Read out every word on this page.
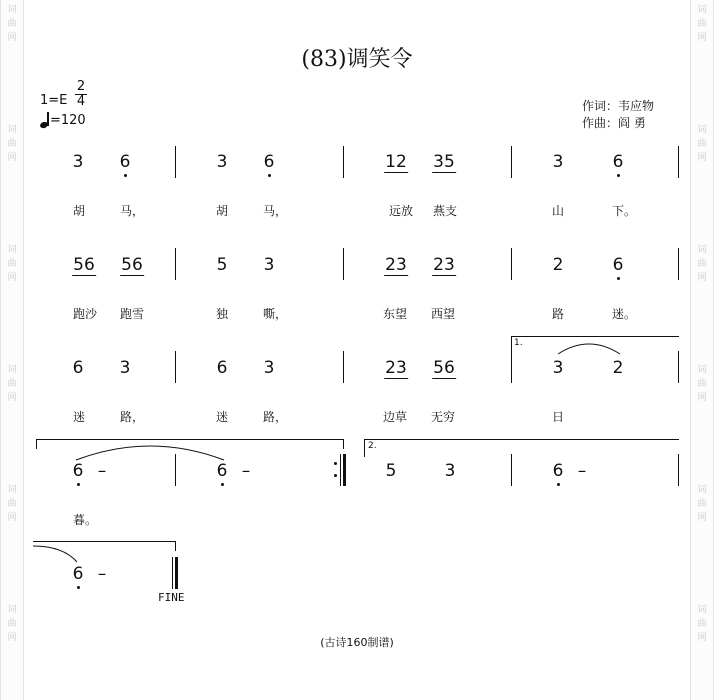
词
曲
网
词
曲
网
词
曲
网
词
曲
网
词
曲
网
词
曲
网
词
曲
网
词
曲
网
词
曲
网
词
曲
网
词
曲
网
词
曲
网
(83)调笑令
1=E
2
4
=120
作词：韦应物
作曲：阎 勇
3 6	3 6	12 35	3	6
胡	马，	胡	马，	远放 燕支	山	下。
56 56	5 3	23 23	2	6
跑沙 跑雪	独	嘶，	东望 西望	路	迷。
1.
6 3	6 3	23 56	3	2
迷	路，	迷	路，	边草 无穷	日
2.
6 –	6 –	5	3	6 –
暮。
6 –
FINE
(古诗160制谱)
